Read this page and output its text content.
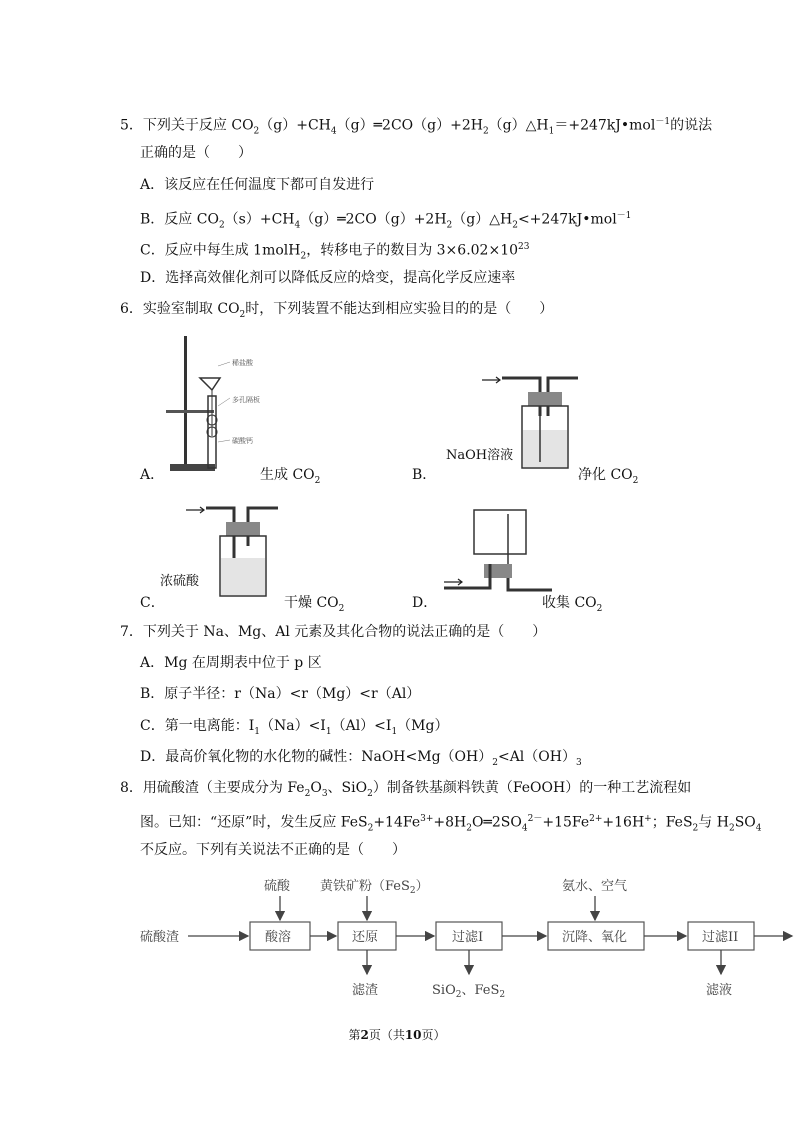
5．下列关于反应 $CO_2(g)+CH_4(g)═2CO(g)+2H_2(g)\triangle H_1=+247kJ•mol^{-1}$的说法
正确的是（　　）
A．该反应在任何温度下都可自发进行
B．反应 $CO_2(s)+CH_4(g)═2CO(g)+2H_2(g)\triangle H_2<+247kJ•mol^{-1}$
C．反应中每生成 1molH$_2$，转移电子的数目为 $3\times 6.02\times 10^{23}$
D．选择高效催化剂可以降低反应的焓变，提高化学反应速率
6．实验室制取 $CO_2$时，下列装置不能达到相应实验目的的是（　　）
稀盐酸
多孔隔板
碳酸钙
A．	生成 $CO_2$
NaOH溶液
B．	净化 $CO_2$
浓硫酸
C．	干燥 $CO_2$	D．	收集 $CO_2$
7．下列关于 Na、Mg、Al 元素及其化合物的说法正确的是（　　）
A．Mg 在周期表中位于 p 区
B．原子半径：r（Na）<r（Mg）<r（Al）
C．第一电离能：$I_1(Na)<I_1(Al)<I_1(Mg)$
D．最高价氧化物的水化物的碱性：$NaOH<Mg(OH)_2<Al(OH)_3$
8．用硫酸渣（主要成分为 $Fe_2O_3$、SiO$_2$）制备铁基颜料铁黄（FeOOH）的一种工艺流程如
图。已知：“还原”时，发生反应 $FeS_2+14Fe^{3+}+8H_2O═2SO_4^{2-}+15Fe^{2+}+16H^+$；FeS$_2$与 $H_2SO_4$
不反应。下列有关说法不正确的是（　　）
硫酸渣	酸溶
硫酸
还原
黄铁矿粉（FeS$_2$）
滤渣
过滤I
SiO$_2$、FeS$_2$
沉降、氧化
氨水、空气
过滤II
滤液
第2页（共10页）
